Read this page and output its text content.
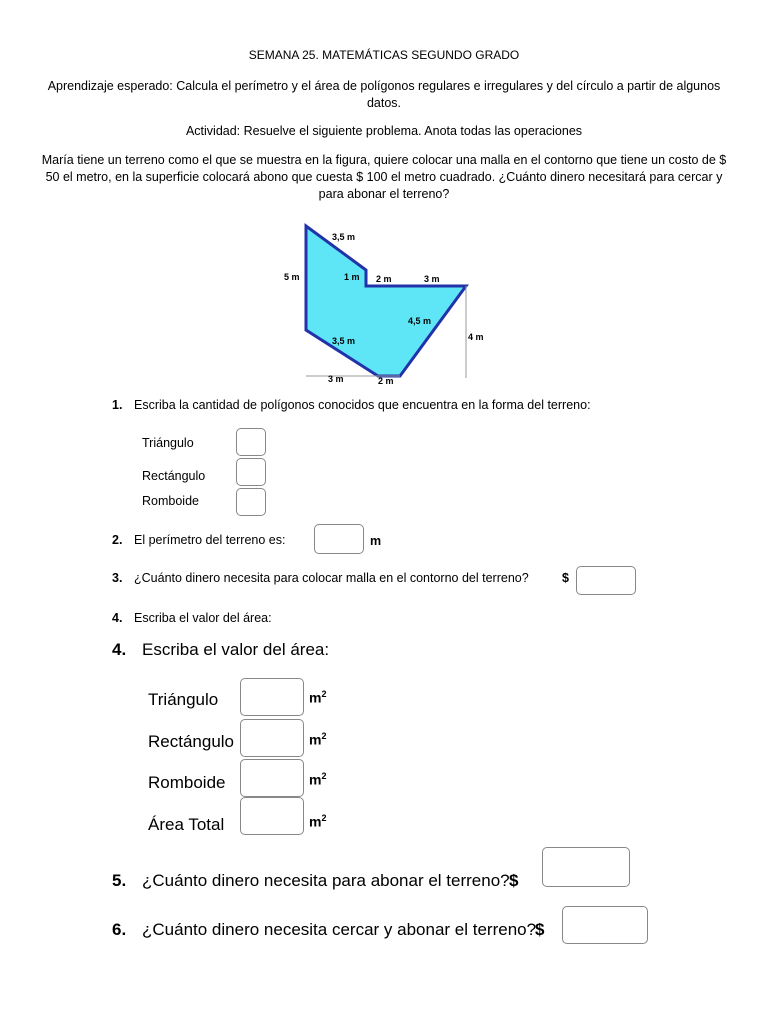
SEMANA 25. MATEMÁTICAS SEGUNDO GRADO
Aprendizaje esperado: Calcula el perímetro y el área de polígonos regulares e irregulares y del círculo a partir de algunos datos.
Actividad: Resuelve el siguiente problema. Anota todas las operaciones
María tiene un terreno como el que se muestra en la figura, quiere colocar una malla en el contorno que tiene un costo de $ 50 el metro, en la superficie colocará abono que cuesta $ 100 el metro cuadrado. ¿Cuánto dinero necesitará para cercar y para abonar el terreno?
3,5 m
5 m	1 m 2 m	3 m
4,5 m
3,5 m	4 m
3 m	2 m
1. Escriba la cantidad de polígonos conocidos que encuentra en la forma del terreno:
Triángulo
Rectángulo
Romboide
2. El perímetro del terreno es:	m
3. ¿Cuánto dinero necesita para colocar malla en el contorno del terreno?	$
4. Escriba el valor del área:
4. Escriba el valor del área:
Triángulo	$m^2$
Rectángulo	$m^2$
Romboide	$m^2$
Área Total	$m^2$
5. ¿Cuánto dinero necesita para abonar el terreno? $
6. ¿Cuánto dinero necesita cercar y abonar el terreno?
$
